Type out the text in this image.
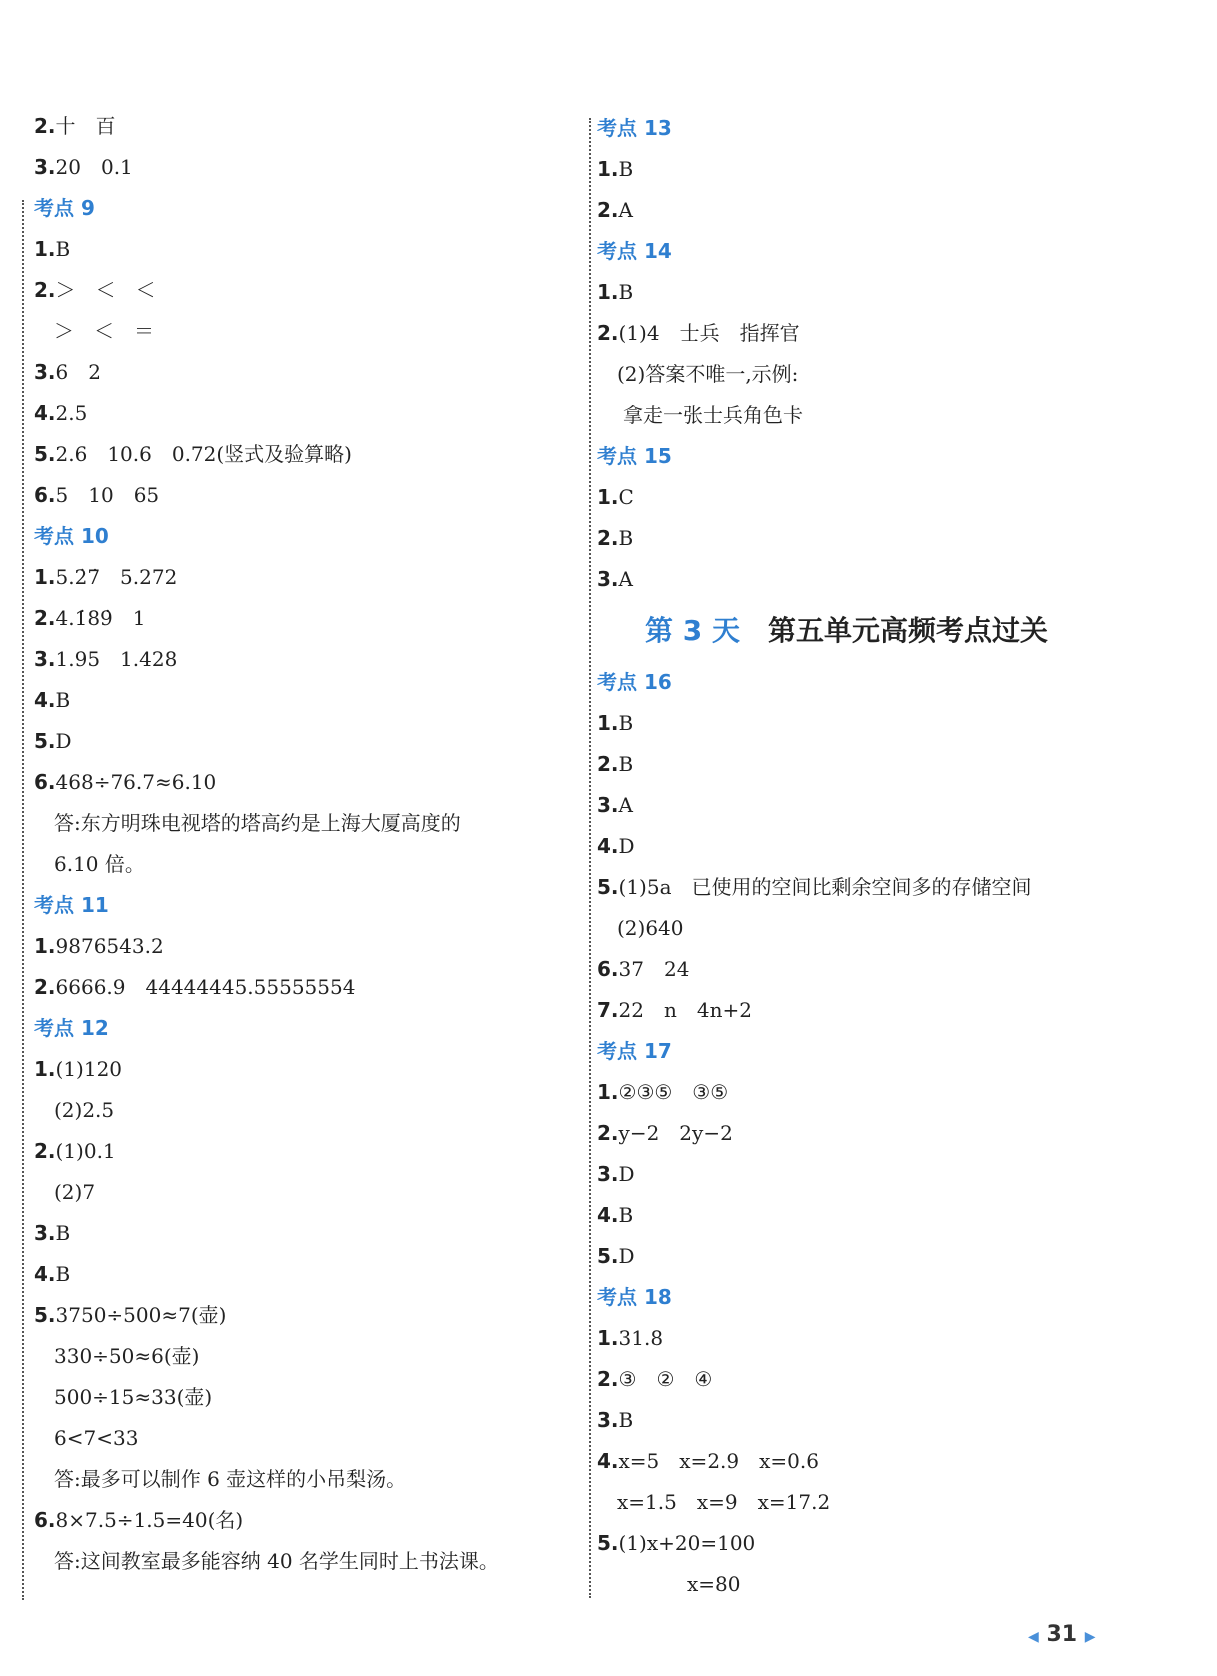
2.十　百
3.20　0.1
考点 9
1.B
2.＞　＜　＜
＞　＜　＝
3.6　2
4.2.5
5.2.6　10.6　0.72(竖式及验算略)
6.5　10　65
考点 10
1.5.2̇7̇　5.272
2.4.1̇89̇　1
3.1.95　1.428
4.B
5.D
6.468÷76.7≈6.10
答:东方明珠电视塔的塔高约是上海大厦高度的
6.10 倍。
考点 11
1.9876543.2
2.6666.9　44444445.55555554
考点 12
1.(1)120
(2)2.5
2.(1)0.1
(2)7
3.B
4.B
5.3750÷500≈7(壶)
330÷50≈6(壶)
500÷15≈33(壶)
6<7<33
答:最多可以制作 6 壶这样的小吊梨汤。
6.8×7.5÷1.5=40(名)
答:这间教室最多能容纳 40 名学生同时上书法课。
考点 13
1.B
2.A
考点 14
1.B
2.(1)4　士兵　指挥官
(2)答案不唯一,示例:
拿走一张士兵角色卡
考点 15
1.C
2.B
3.A
第 3 天 第五单元高频考点过关
考点 16
1.B
2.B
3.A
4.D
5.(1)5a　已使用的空间比剩余空间多的存储空间
(2)640
6.37　24
7.22　n　4n+2
考点 17
1.②③⑤　③⑤
2.y−2　2y−2
3.D
4.B
5.D
考点 18
1.31.8
2.③　②　④
3.B
4.x=5　x=2.9　x=0.6
x=1.5　x=9　x=17.2
5.(1)x+20=100
x=80
◀ 31 ▶
